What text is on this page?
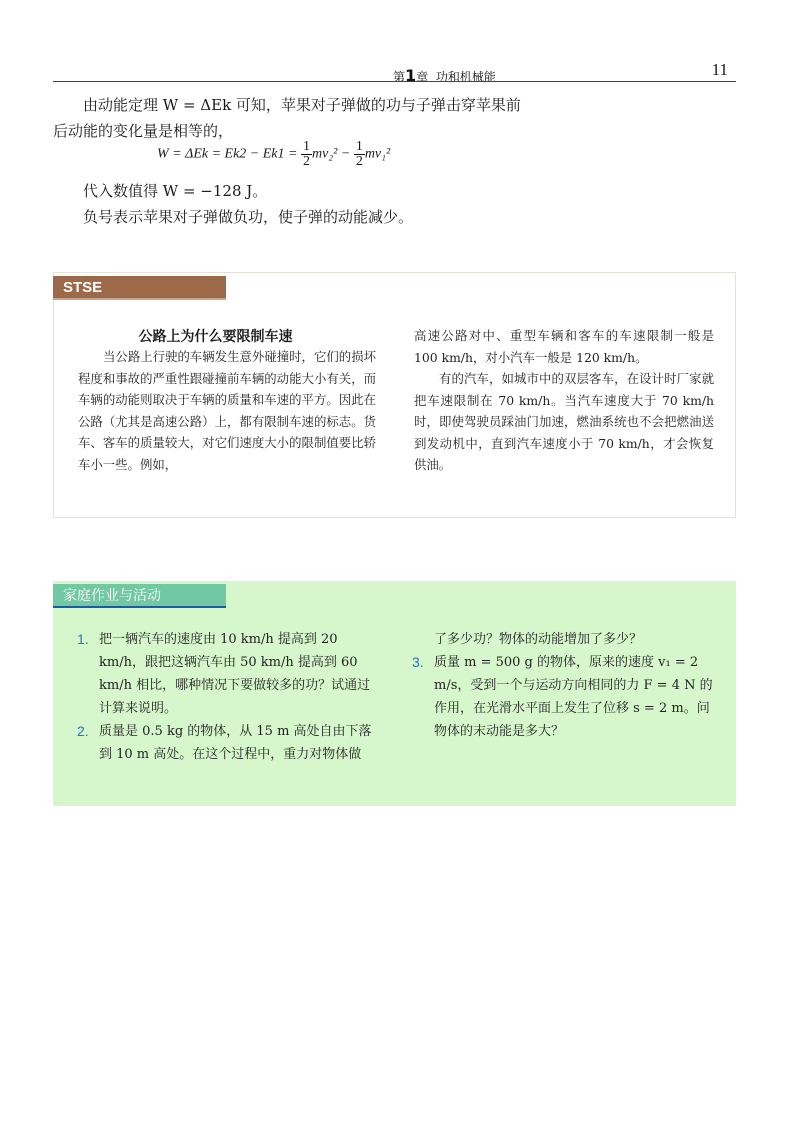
第1章 功和机械能	11
由动能定理 W = ΔEk 可知，苹果对子弹做的功与子弹击穿苹果前后动能的变化量是相等的，
$W = \Delta Ek = Ek2 - Ek1 = \frac{1}{2} mv_2^2 - \frac{1}{2} mv_1^2$
代入数值得 W = −128 J。
负号表示苹果对子弹做负功，使子弹的动能减少。
STSE
公路上为什么要限制车速

当公路上行驶的车辆发生意外碰撞时，它们的损坏程度和事故的严重性跟碰撞前车辆的动能大小有关，而车辆的动能则取决于车辆的质量和车速的平方。因此在公路（尤其是高速公路）上，都有限制车速的标志。货车、客车的质量较大，对它们速度大小的限制值要比轿车小一些。例如，

高速公路对中、重型车辆和客车的车速限制一般是 100 km/h，对小汽车一般是 120 km/h。

有的汽车，如城市中的双层客车，在设计时厂家就把车速限制在 70 km/h。当汽车速度大于 70 km/h 时，即使驾驶员踩油门加速，燃油系统也不会把燃油送到发动机中，直到汽车速度小于 70 km/h，才会恢复供油。

家庭作业与活动

1. 把一辆汽车的速度由 10 km/h 提高到 20 km/h，跟把这辆汽车由 50 km/h 提高到 60 km/h 相比，哪种情况下要做较多的功？试通过计算来说明。

2. 质量是 0.5 kg 的物体，从 15 m 高处自由下落到 10 m 高处。在这个过程中，重力对物体做

了多少功？物体的动能增加了多少？

3. 质量 m = 500 g 的物体，原来的速度 v₁ = 2 m/s，受到一个与运动方向相同的力 F = 4 N 的作用，在光滑水平面上发生了位移 s = 2 m。问物体的末动能是多大？
